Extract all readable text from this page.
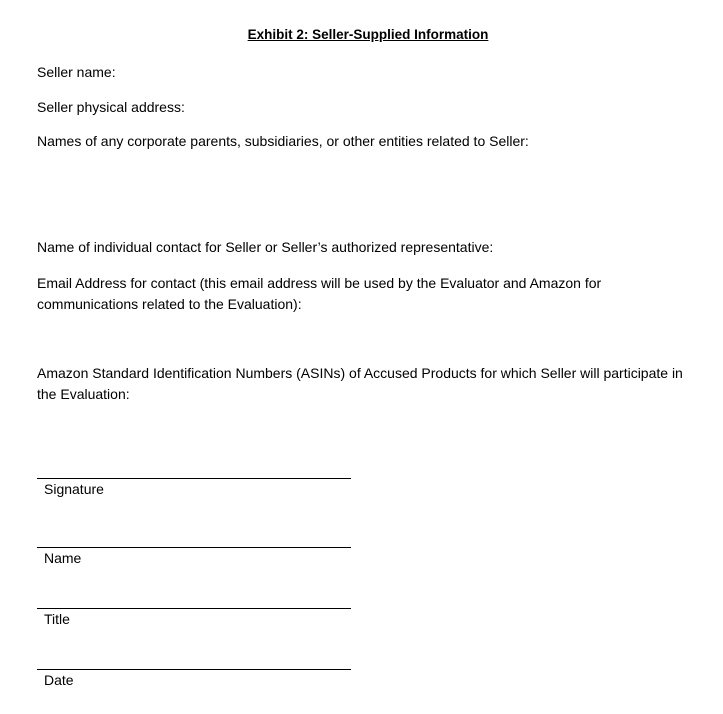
Exhibit 2: Seller-Supplied Information
Seller name:
Seller physical address:
Names of any corporate parents, subsidiaries, or other entities related to Seller:
Name of individual contact for Seller or Seller’s authorized representative:
Email Address for contact (this email address will be used by the Evaluator and Amazon for communications related to the Evaluation):
Amazon Standard Identification Numbers (ASINs) of Accused Products for which Seller will participate in the Evaluation:
Signature
Name
Title
Date
